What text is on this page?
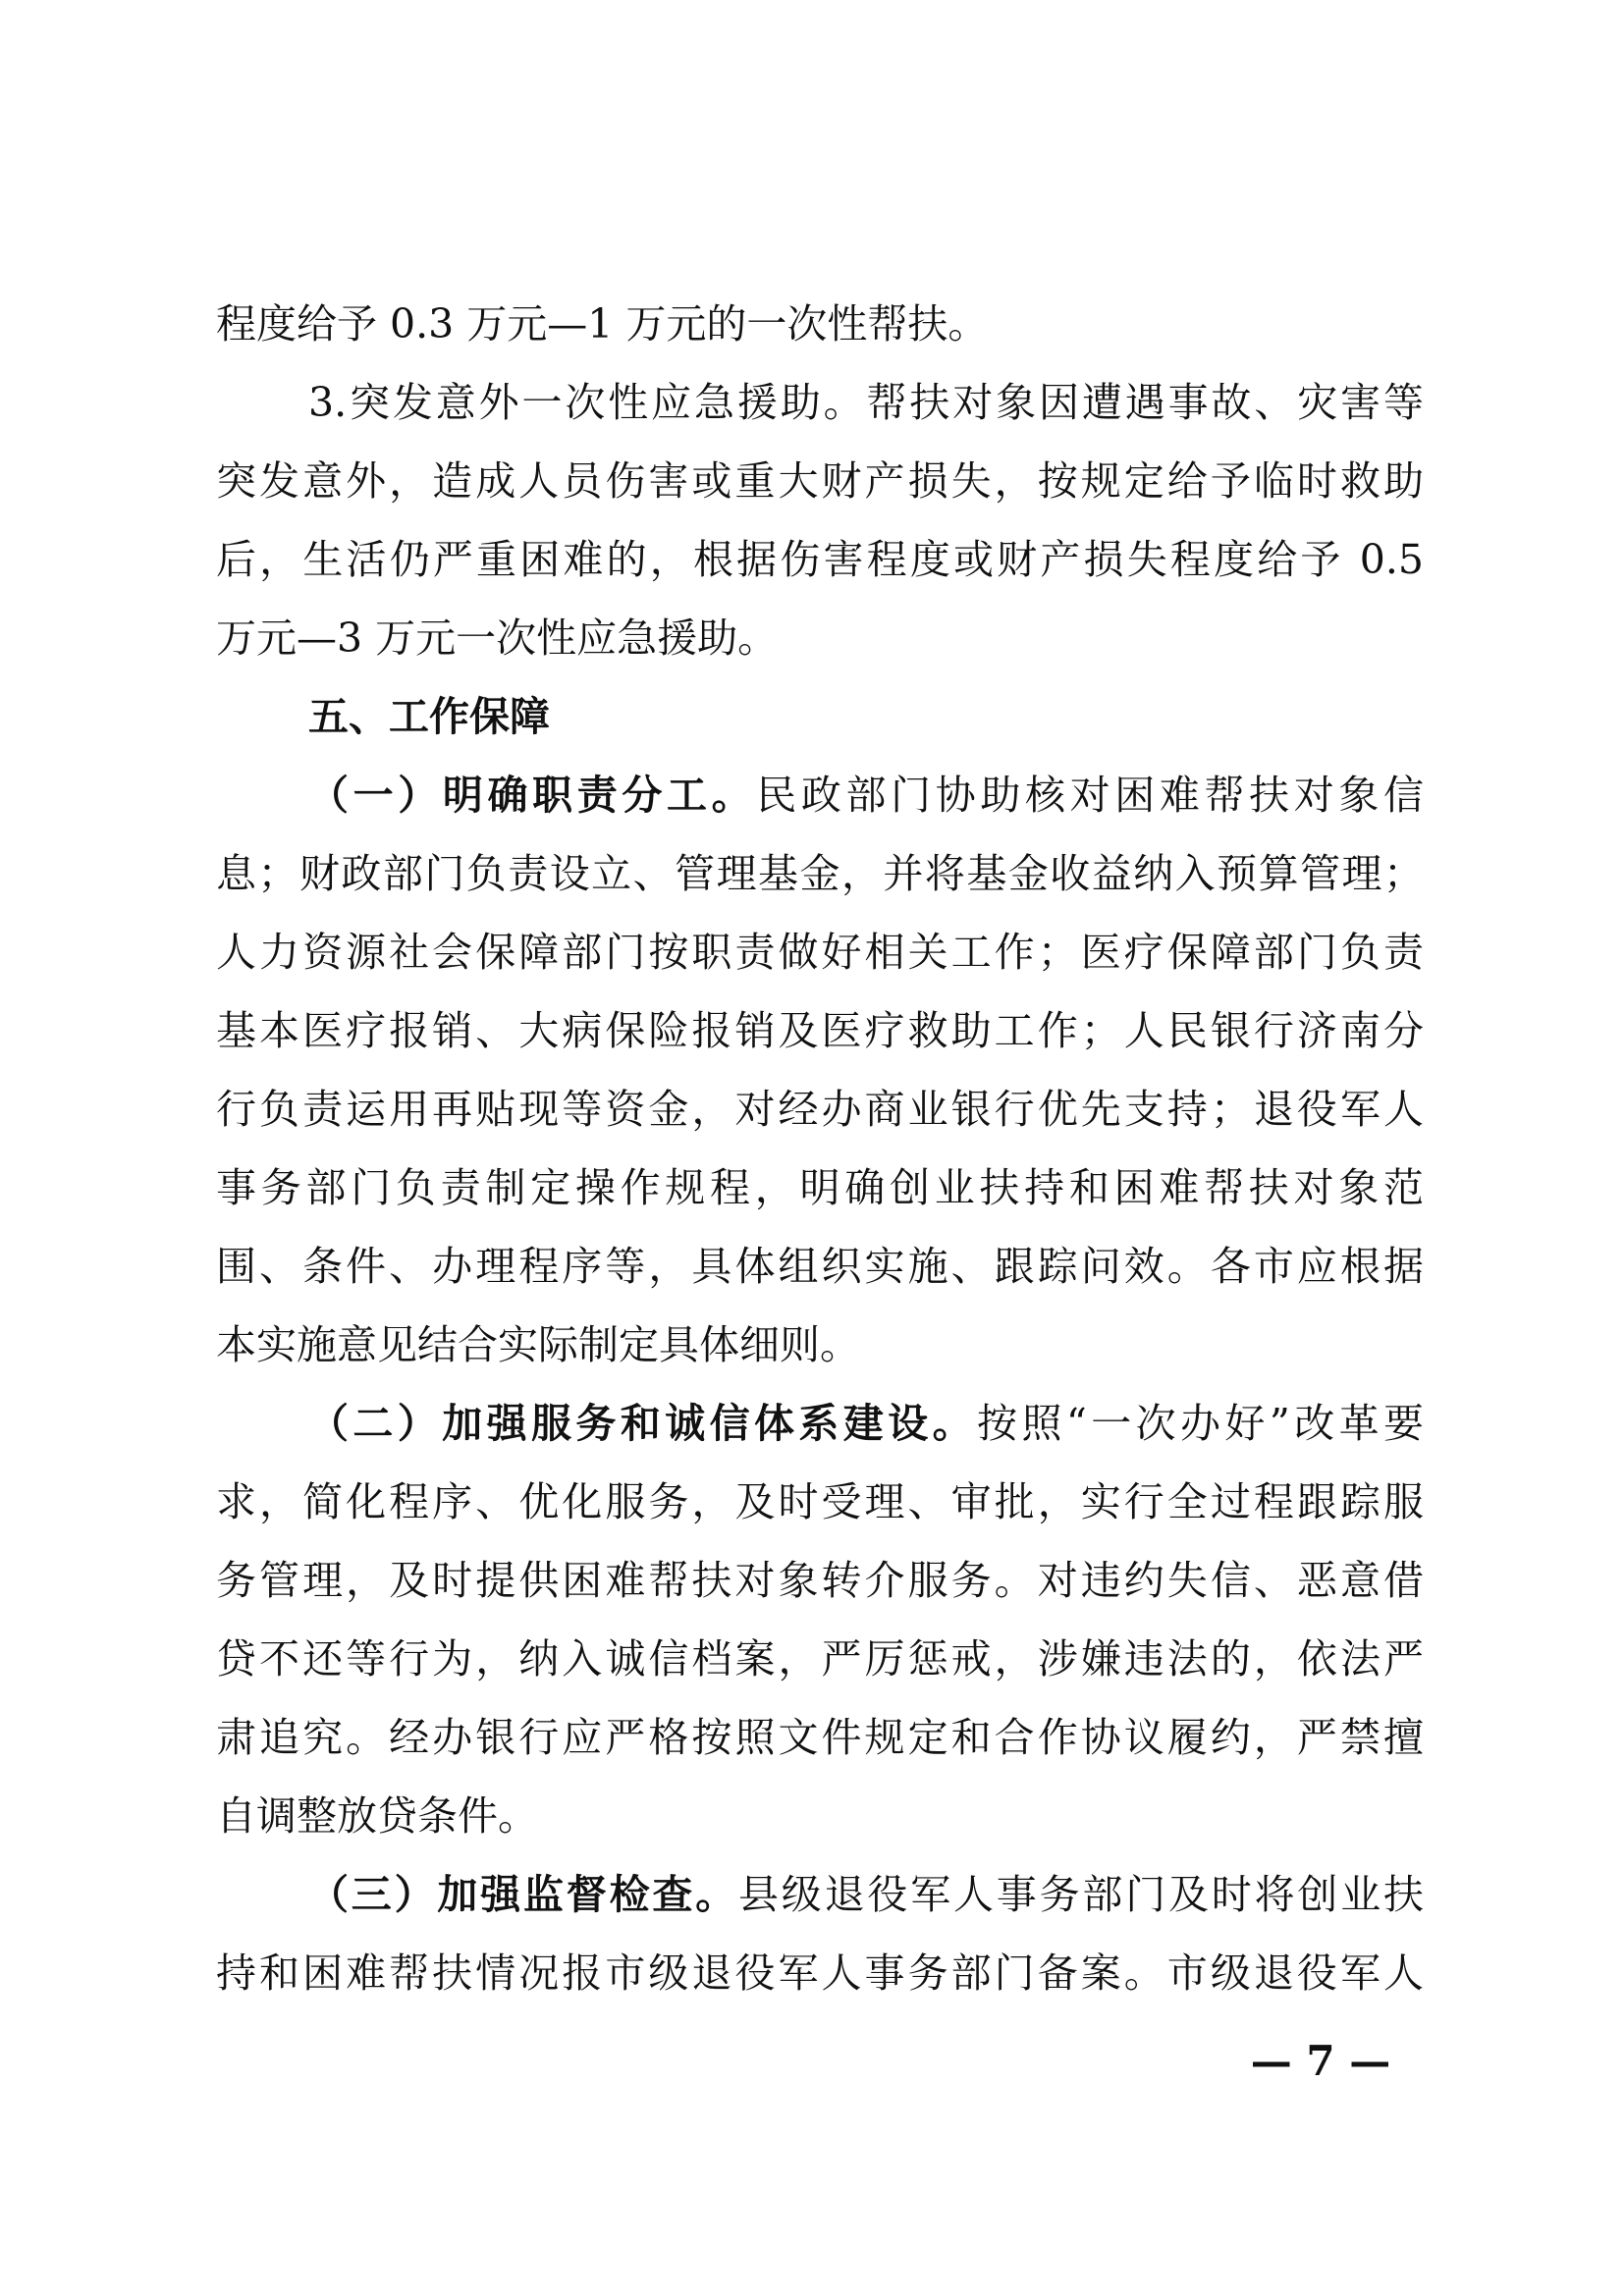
程度给予 0.3 万元—1 万元的一次性帮扶。
3.突发意外一次性应急援助。帮扶对象因遭遇事故、灾害等
突发意外，造成人员伤害或重大财产损失，按规定给予临时救助
后，生活仍严重困难的，根据伤害程度或财产损失程度给予 0.5
万元—3 万元一次性应急援助。
五、工作保障
（一）明确职责分工。民政部门协助核对困难帮扶对象信
息；财政部门负责设立、管理基金，并将基金收益纳入预算管理；
人力资源社会保障部门按职责做好相关工作；医疗保障部门负责
基本医疗报销、大病保险报销及医疗救助工作；人民银行济南分
行负责运用再贴现等资金，对经办商业银行优先支持；退役军人
事务部门负责制定操作规程，明确创业扶持和困难帮扶对象范
围、条件、办理程序等，具体组织实施、跟踪问效。各市应根据
本实施意见结合实际制定具体细则。
（二）加强服务和诚信体系建设。按照“一次办好”改革要
求，简化程序、优化服务，及时受理、审批，实行全过程跟踪服
务管理，及时提供困难帮扶对象转介服务。对违约失信、恶意借
贷不还等行为，纳入诚信档案，严厉惩戒，涉嫌违法的，依法严
肃追究。经办银行应严格按照文件规定和合作协议履约，严禁擅
自调整放贷条件。
（三）加强监督检查。县级退役军人事务部门及时将创业扶
持和困难帮扶情况报市级退役军人事务部门备案。市级退役军人
— 7 —
